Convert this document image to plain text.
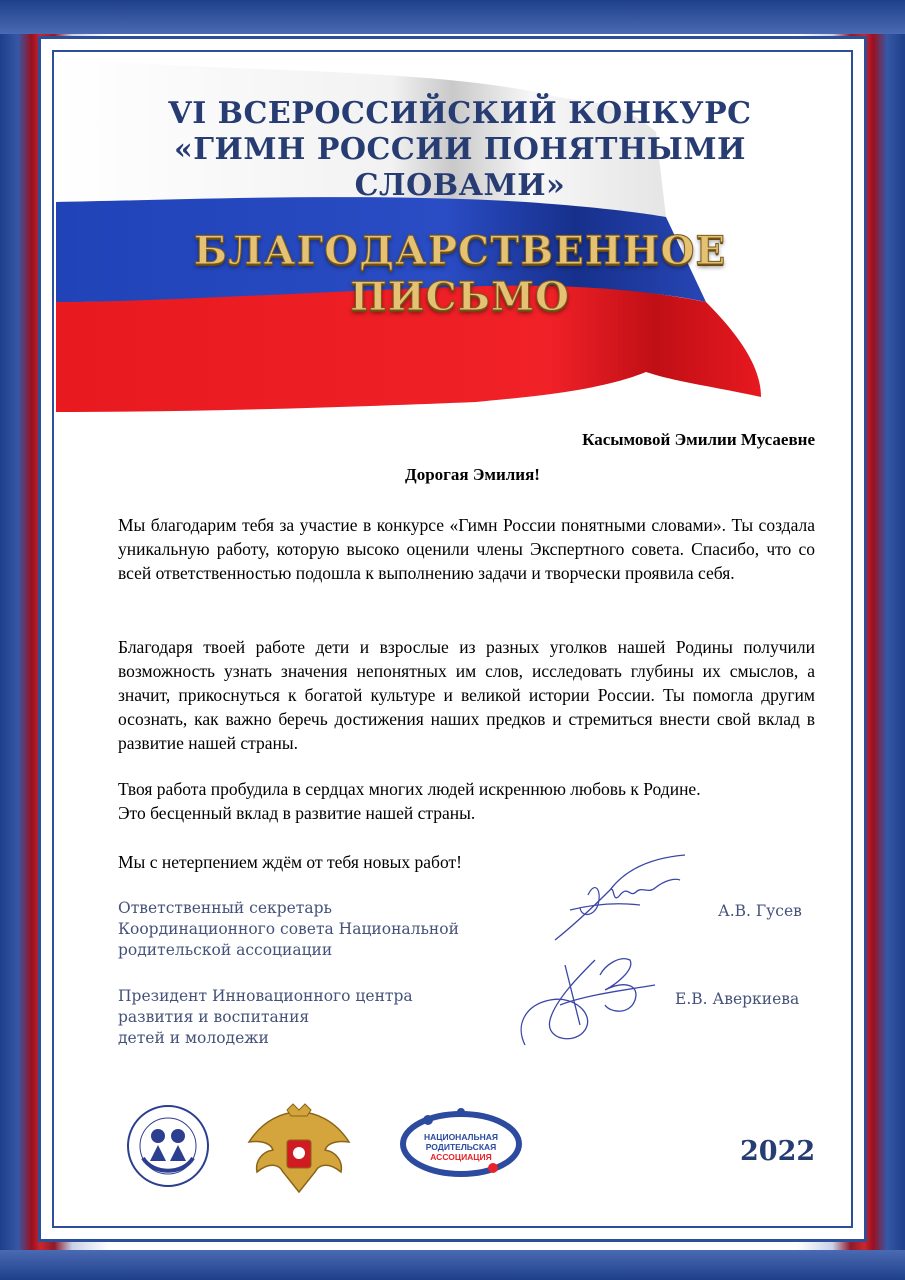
VI ВСЕРОССИЙСКИЙ КОНКУРС
«ГИМН РОССИИ ПОНЯТНЫМИ СЛОВАМИ»
БЛАГОДАРСТВЕННОЕ ПИСЬМО
Касымовой Эмилии Мусаевне
Дорогая Эмилия!
Мы благодарим тебя за участие в конкурсе «Гимн России понятными словами». Ты создала уникальную работу, которую высоко оценили члены Экспертного совета. Спасибо, что со всей ответственностью подошла к выполнению задачи и творчески проявила себя.
Благодаря твоей работе дети и взрослые из разных уголков нашей Родины получили возможность узнать значения непонятных им слов, исследовать глубины их смыслов, а значит, прикоснуться к богатой культуре и великой истории России. Ты помогла другим осознать, как важно беречь достижения наших предков и стремиться внести свой вклад в развитие нашей страны.
Твоя работа пробудила в сердцах многих людей искреннюю любовь к Родине.
Это бесценный вклад в развитие нашей страны.
Мы с нетерпением ждём от тебя новых работ!
Ответственный секретарь
Координационного совета Национальной
родительской ассоциации
А.В. Гусев
Президент Инновационного центра
развития и воспитания
детей и молодежи
Е.В. Аверкиева
НАЦИОНАЛЬНАЯ
РОДИТЕЛЬСКАЯ
АССОЦИАЦИЯ	2022
